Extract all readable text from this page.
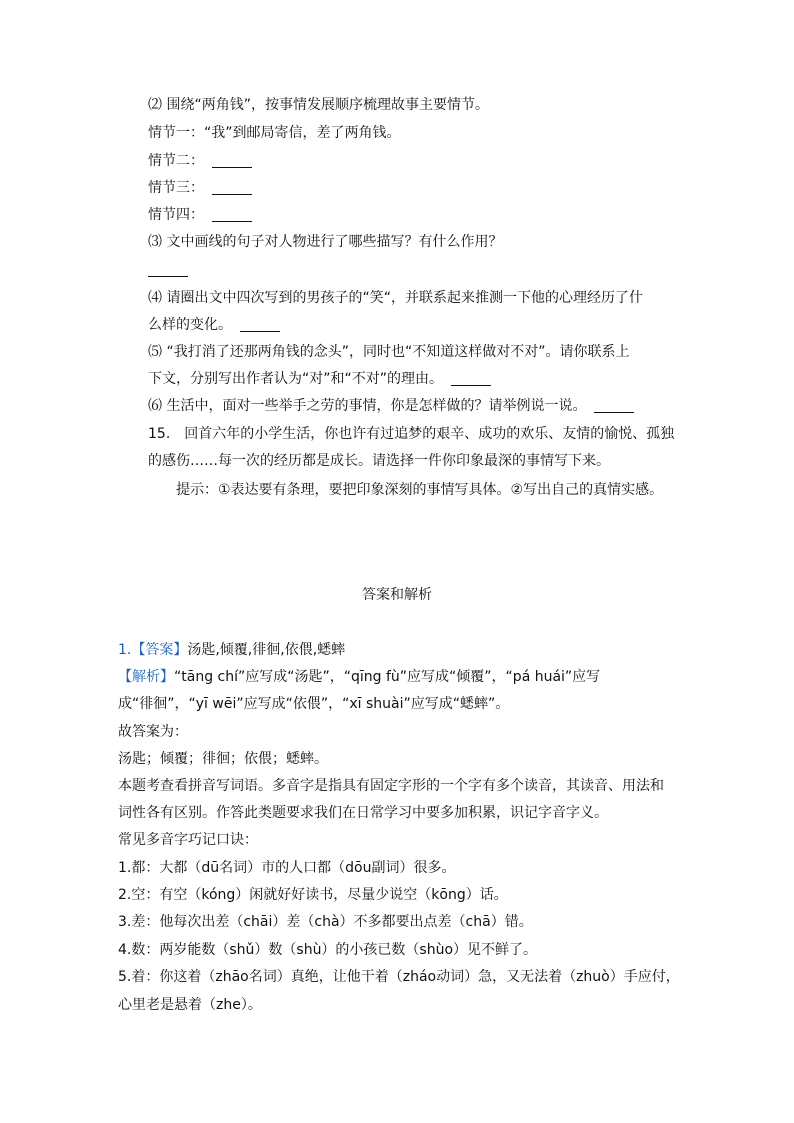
⑵ 围绕“两角钱”，按事情发展顺序梳理故事主要情节。
情节一：“我”到邮局寄信，差了两角钱。
情节二：
情节三：
情节四：
⑶ 文中画线的句子对人物进行了哪些描写？有什么作用？
⑷ 请圈出文中四次写到的男孩子的“笑“，并联系起来推测一下他的心理经历了什
么样的变化。
⑸ “我打消了还那两角钱的念头”，同时也“不知道这样做对不对”。请你联系上
下文，分别写出作者认为“对”和“不对”的理由。
⑹ 生活中，面对一些举手之劳的事情，你是怎样做的？请举例说一说。
15.　回首六年的小学生活，你也许有过追梦的艰辛、成功的欢乐、友情的愉悦、孤独
的感伤……每一次的经历都是成长。请选择一件你印象最深的事情写下来。
提示：①表达要有条理，要把印象深刻的事情写具体。②写出自己的真情实感。
答案和解析
1.【答案】汤匙,倾覆,徘徊,依偎,蟋蟀
【解析】“tāng chí”应写成“汤匙”，“qīng fù”应写成“倾覆”，“pá huái”应写
成“徘徊”，“yī wēi”应写成“依偎”，“xī shuài”应写成“蟋蟀”。
故答案为：
汤匙；倾覆；徘徊；依偎；蟋蟀。
本题考查看拼音写词语。多音字是指具有固定字形的一个字有多个读音，其读音、用法和
词性各有区别。作答此类题要求我们在日常学习中要多加积累，识记字音字义。
常见多音字巧记口诀：
1.都：大都（dū名词）市的人口都（dōu副词）很多。
2.空：有空（kóng）闲就好好读书，尽量少说空（kōng）话。
3.差：他每次出差（chāi）差（chà）不多都要出点差（chā）错。
4.数：两岁能数（shǔ）数（shù）的小孩已数（shùo）见不鲜了。
5.着：你这着（zhāo名词）真绝，让他干着（zháo动词）急，又无法着（zhuò）手应付，
心里老是悬着（zhe）。
